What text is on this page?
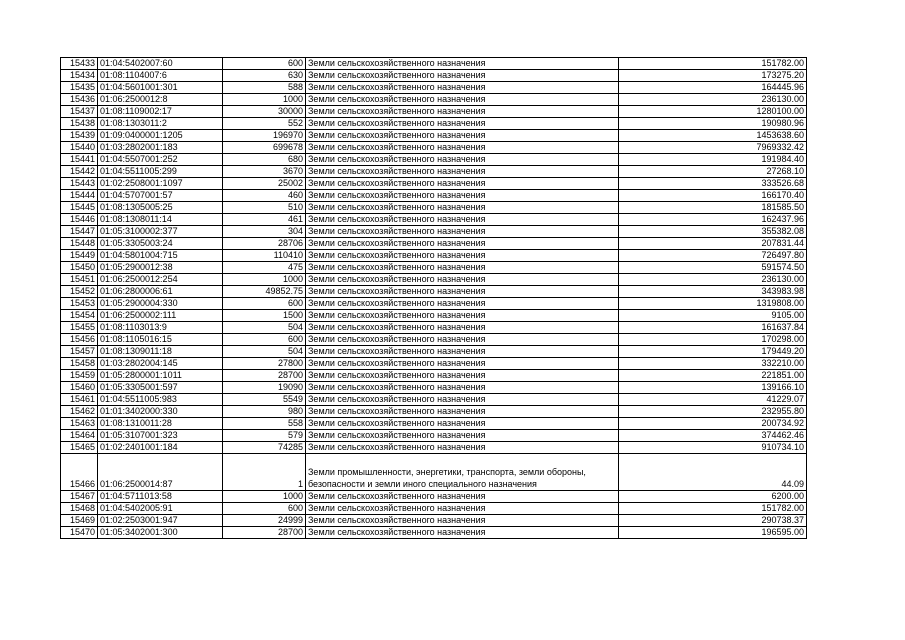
15433	01:04:5402007:60	600	Земли сельскохозяйственного назначения	151782.00
15434	01:08:1104007:6	630	Земли сельскохозяйственного назначения	173275.20
15435	01:04:5601001:301	588	Земли сельскохозяйственного назначения	164445.96
15436	01:06:2500012:8	1000	Земли сельскохозяйственного назначения	236130.00
15437	01:08:1109002:17	30000	Земли сельскохозяйственного назначения	1280100.00
15438	01:08:1303011:2	552	Земли сельскохозяйственного назначения	190980.96
15439	01:09:0400001:1205	196970	Земли сельскохозяйственного назначения	1453638.60
15440	01:03:2802001:183	699678	Земли сельскохозяйственного назначения	7969332.42
15441	01:04:5507001:252	680	Земли сельскохозяйственного назначения	191984.40
15442	01:04:5511005:299	3670	Земли сельскохозяйственного назначения	27268.10
15443	01:02:2508001:1097	25002	Земли сельскохозяйственного назначения	333526.68
15444	01:04:5707001:57	460	Земли сельскохозяйственного назначения	166170.40
15445	01:08:1305005:25	510	Земли сельскохозяйственного назначения	181585.50
15446	01:08:1308011:14	461	Земли сельскохозяйственного назначения	162437.96
15447	01:05:3100002:377	304	Земли сельскохозяйственного назначения	355382.08
15448	01:05:3305003:24	28706	Земли сельскохозяйственного назначения	207831.44
15449	01:04:5801004:715	110410	Земли сельскохозяйственного назначения	726497.80
15450	01:05:2900012:38	475	Земли сельскохозяйственного назначения	591574.50
15451	01:06:2500012:254	1000	Земли сельскохозяйственного назначения	236130.00
15452	01:06:2800006:61	49852.75	Земли сельскохозяйственного назначения	343983.98
15453	01:05:2900004:330	600	Земли сельскохозяйственного назначения	1319808.00
15454	01:06:2500002:111	1500	Земли сельскохозяйственного назначения	9105.00
15455	01:08:1103013:9	504	Земли сельскохозяйственного назначения	161637.84
15456	01:08:1105016:15	600	Земли сельскохозяйственного назначения	170298.00
15457	01:08:1309011:18	504	Земли сельскохозяйственного назначения	179449.20
15458	01:03:2802004:145	27800	Земли сельскохозяйственного назначения	332210.00
15459	01:05:2800001:1011	28700	Земли сельскохозяйственного назначения	221851.00
15460	01:05:3305001:597	19090	Земли сельскохозяйственного назначения	139166.10
15461	01:04:5511005:983	5549	Земли сельскохозяйственного назначения	41229.07
15462	01:01:3402000:330	980	Земли сельскохозяйственного назначения	232955.80
15463	01:08:1310011:28	558	Земли сельскохозяйственного назначения	200734.92
15464	01:05:3107001:323	579	Земли сельскохозяйственного назначения	374462.46
15465	01:02:2401001:184	74285	Земли сельскохозяйственного назначения	910734.10
15466	01:06:2500014:87	1	Земли промышленности, энергетики, транспорта, земли обороны, безопасности и земли иного специального назначения	44.09
15467	01:04:5711013:58	1000	Земли сельскохозяйственного назначения	6200.00
15468	01:04:5402005:91	600	Земли сельскохозяйственного назначения	151782.00
15469	01:02:2503001:947	24999	Земли сельскохозяйственного назначения	290738.37
15470	01:05:3402001:300	28700	Земли сельскохозяйственного назначения	196595.00
